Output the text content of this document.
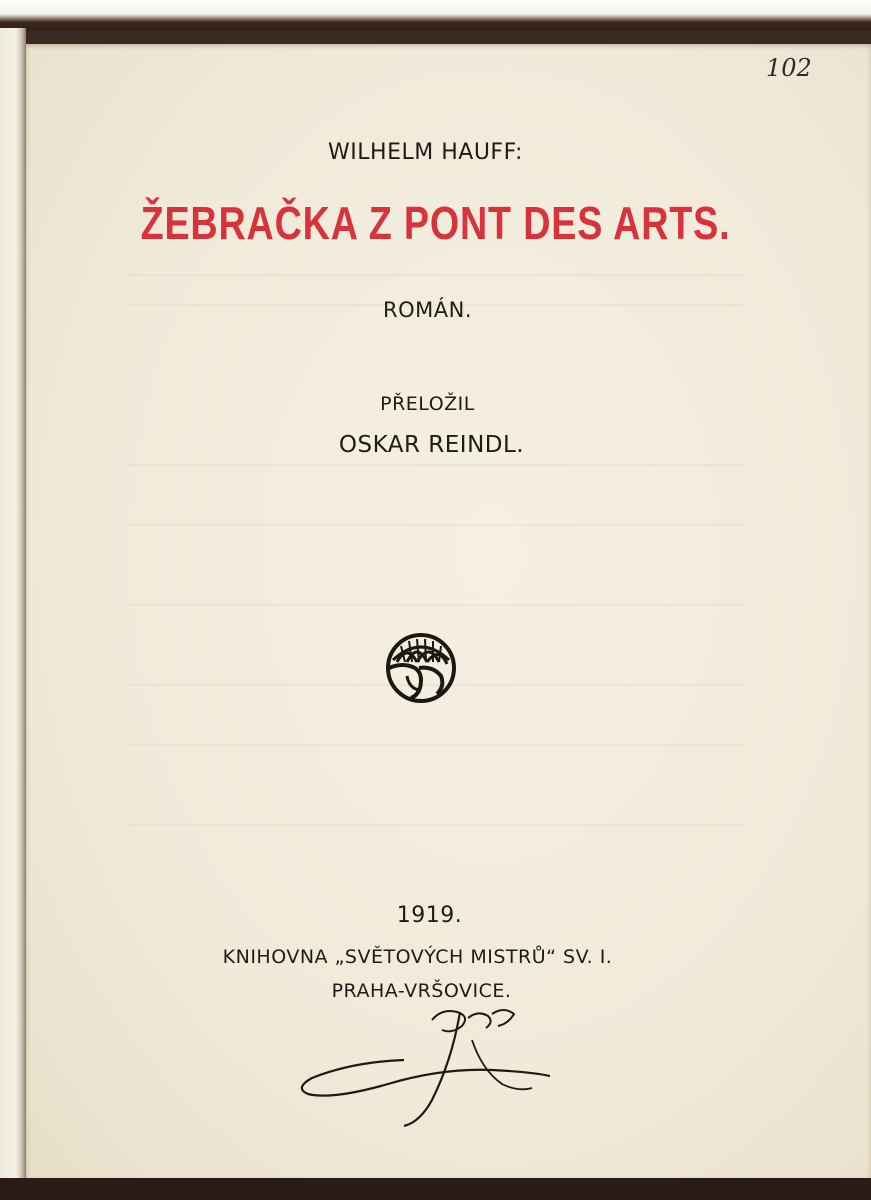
102
WILHELM HAUFF:
ŽEBRAČKA Z PONT DES ARTS.
ROMÁN.
PŘELOŽIL
OSKAR REINDL.
1919.
KNIHOVNA „SVĚTOVÝCH MISTRŮ“ SV. I.
PRAHA-VRŠOVICE.
